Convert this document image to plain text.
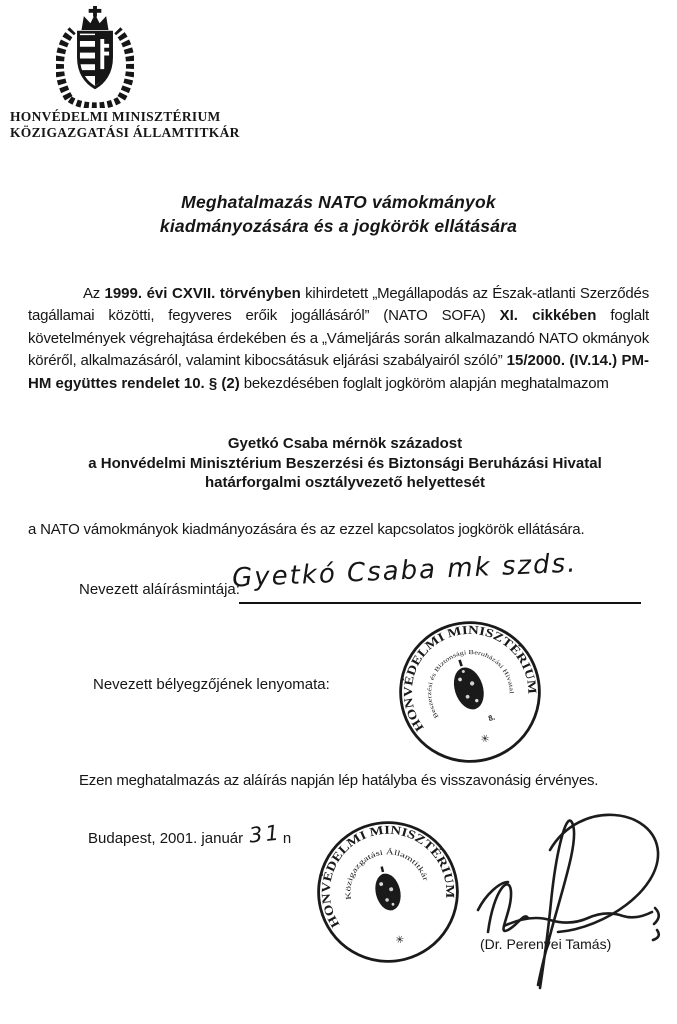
HONVÉDELMI MINISZTÉRIUM
KÖZIGAZGATÁSI ÁLLAMTITKÁR
Meghatalmazás NATO vámokmányok
kiadmányozására és a jogkörök ellátására

Az 1999. évi CXVII. törvényben kihirdetett „Megállapodás az Észak-atlanti Szerződés tagállamai közötti, fegyveres erőik jogállásáról” (NATO SOFA) XI. cikkében foglalt követelmények végrehajtása érdekében és a „Vámeljárás során alkalmazandó NATO okmányok köréről, alkalmazásáról, valamint kibocsátásuk eljárási szabályairól szóló” 15/2000. (IV.14.) PM-HM együttes rendelet 10. § (2) bekezdésében foglalt jogköröm alapján meghatalmazom

Gyetkó Csaba mérnök századost
a Honvédelmi Minisztérium Beszerzési és Biztonsági Beruházási Hivatal
határforgalmi osztályvezető helyettesét
a NATO vámokmányok kiadmányozására és az ezzel kapcsolatos jogkörök ellátására.
Nevezett aláírásmintája:
Gyetkó Csaba mk szds.
Nevezett bélyegzőjének lenyomata:
HONVÉDELMI MINISZTÉRIUM
Beszerzési és Biztonsági Beruházási Hivatal
8.
✳
Ezen meghatalmazás az aláírás napján lép hatályba és visszavonásig érvényes.
Budapest, 2001. január 31 n
HONVÉDELMI MINISZTÉRIUM
Közigazgatási Államtitkár
✳	(Dr. Perenyei Tamás)
